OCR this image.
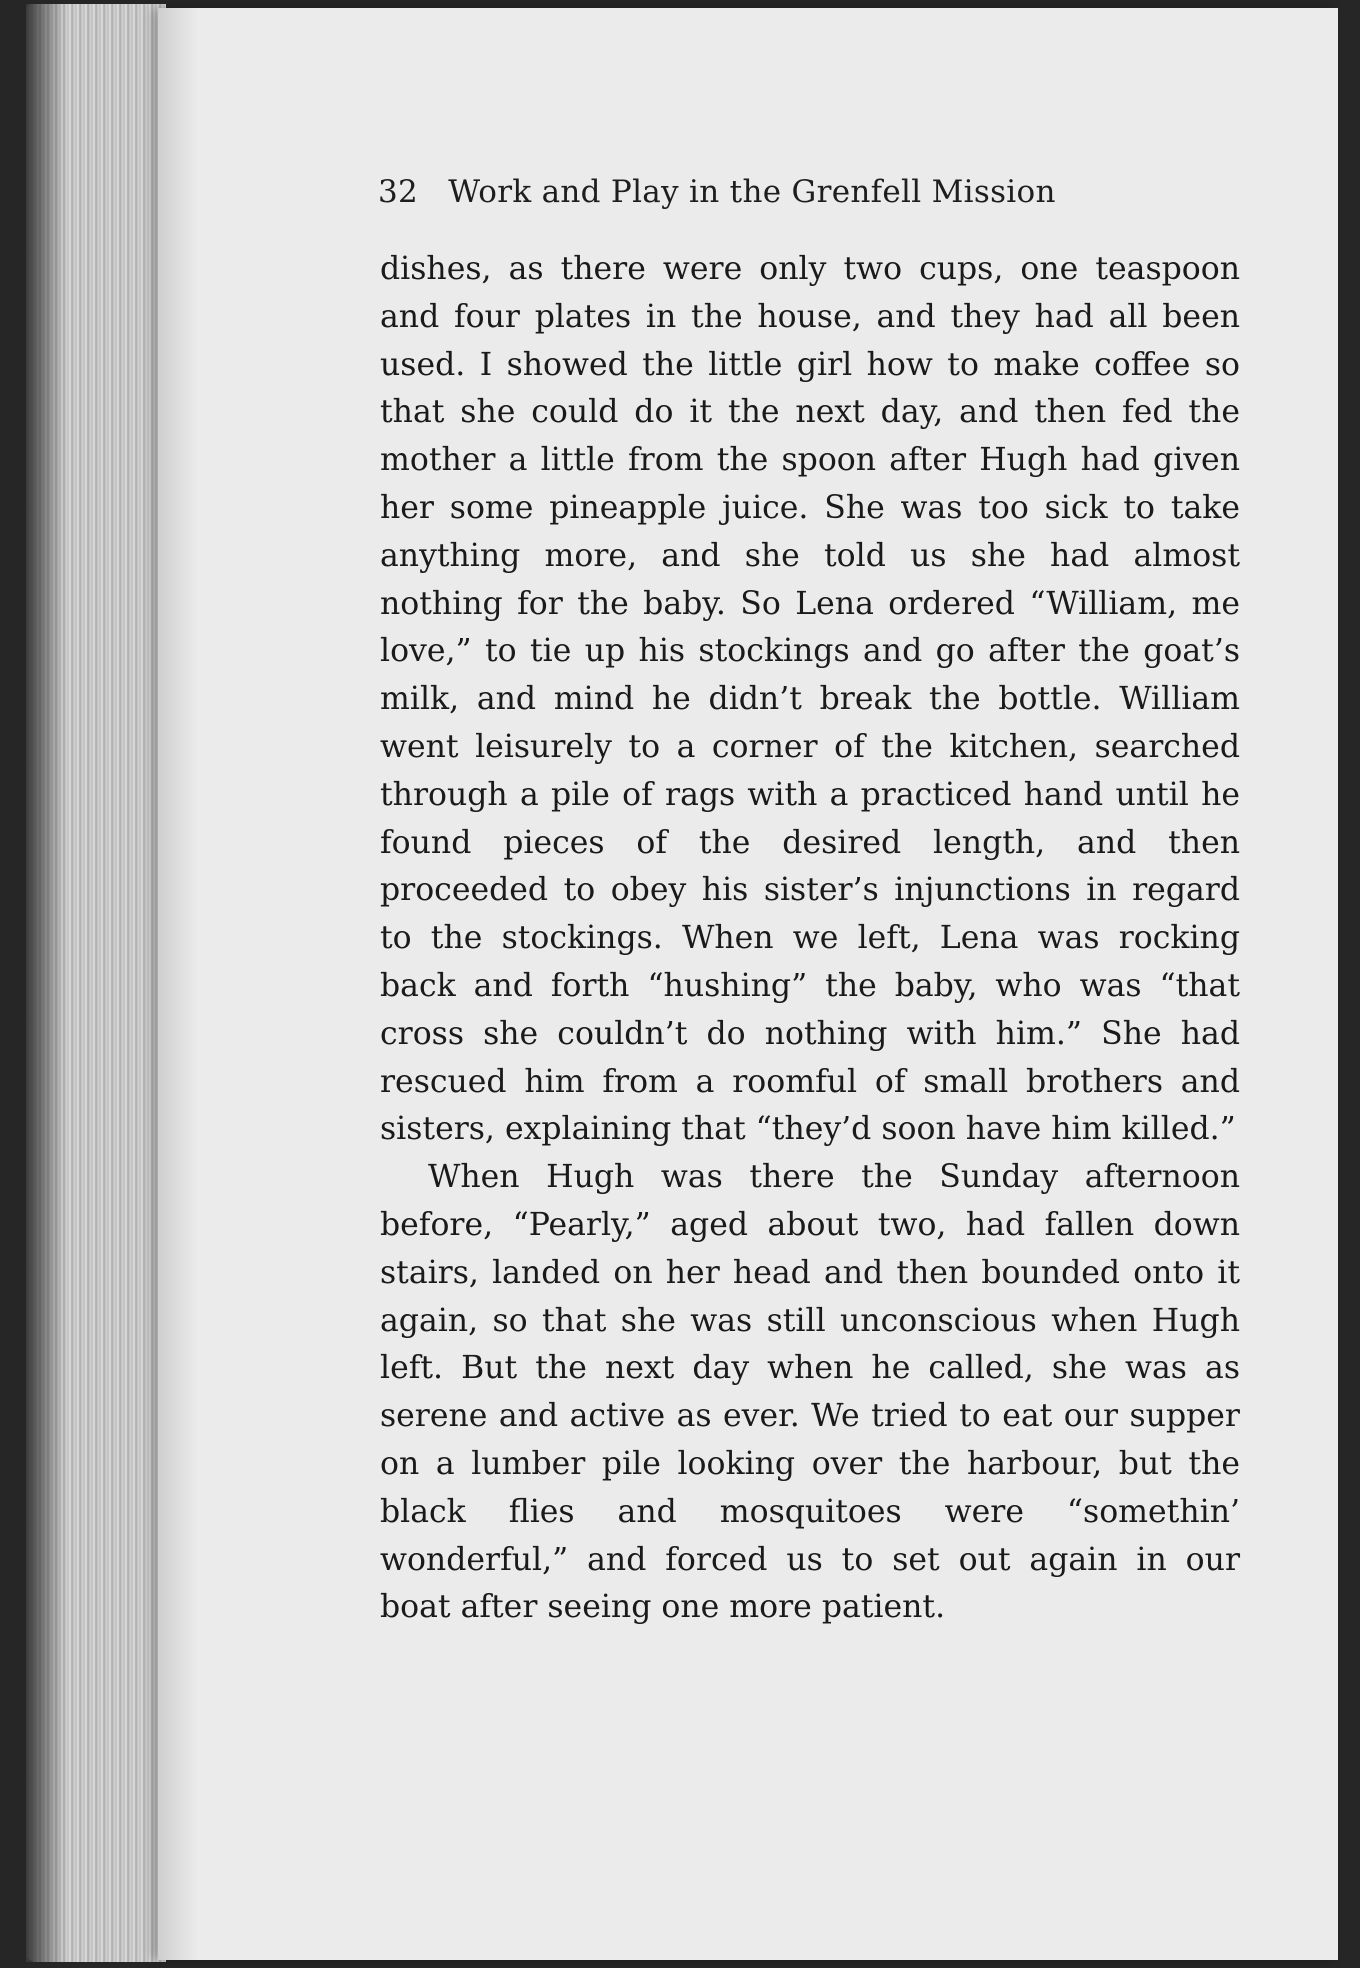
32 Work and Play in the Grenfell Mission

dishes, as there were only two cups, one teaspoon and four plates in the house, and they had all been used. I showed the little girl how to make coffee so that she could do it the next day, and then fed the mother a little from the spoon after Hugh had given her some pineapple juice. She was too sick to take anything more, and she told us she had almost nothing for the baby. So Lena ordered “William, me love,” to tie up his stockings and go after the goat’s milk, and mind he didn’t break the bottle. William went leisurely to a corner of the kitchen, searched through a pile of rags with a practiced hand until he found pieces of the desired length, and then proceeded to obey his sister’s injunctions in regard to the stockings. When we left, Lena was rocking back and forth “hushing” the baby, who was “that cross she couldn’t do nothing with him.” She had rescued him from a roomful of small brothers and sisters, explaining that “they’d soon have him killed.”

When Hugh was there the Sunday afternoon before, “Pearly,” aged about two, had fallen down stairs, landed on her head and then bounded onto it again, so that she was still unconscious when Hugh left. But the next day when he called, she was as serene and active as ever. We tried to eat our supper on a lumber pile looking over the harbour, but the black flies and mosquitoes were “somethin’ wonderful,” and forced us to set out again in our boat after seeing one more patient.
